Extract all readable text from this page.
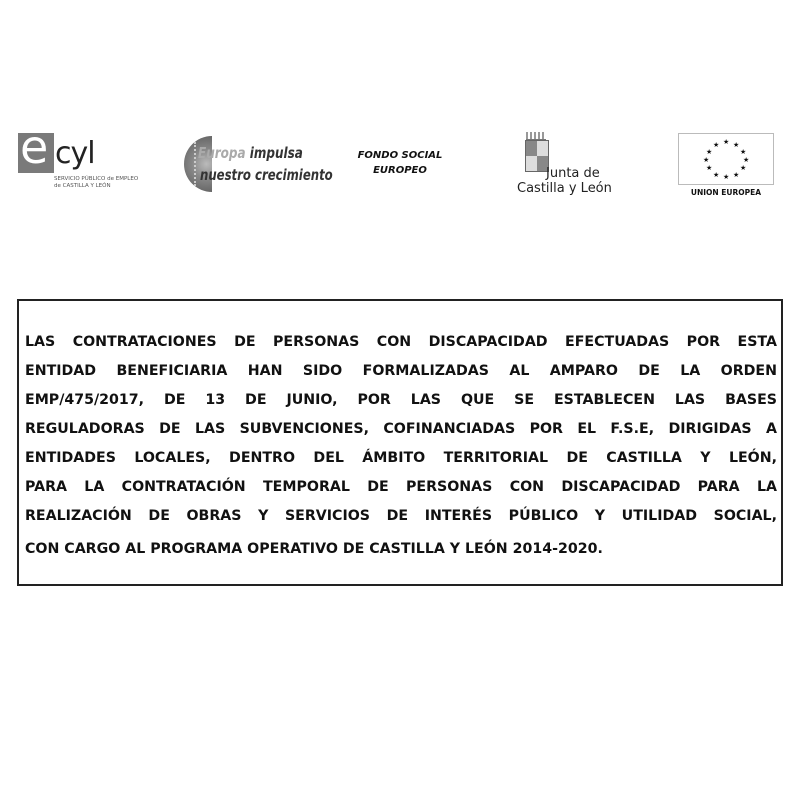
e cyl
SERVICIO PÚBLICO de EMPLEO
de CASTILLA Y LEÓN
Europa impulsa
nuestro crecimiento
FONDO SOCIAL
EUROPEO	Junta de
Castilla y León
★ ★
★
★
★
★
★
★
★
★
★
★
UNION EUROPEA
LAS CONTRATACIONES DE PERSONAS CON DISCAPACIDAD EFECTUADAS POR ESTA
ENTIDAD BENEFICIARIA HAN SIDO FORMALIZADAS AL AMPARO DE LA ORDEN
EMP/475/2017, DE 13 DE JUNIO, POR LAS QUE SE ESTABLECEN LAS BASES
REGULADORAS DE LAS SUBVENCIONES, COFINANCIADAS POR EL F.S.E, DIRIGIDAS A
ENTIDADES LOCALES, DENTRO DEL ÁMBITO TERRITORIAL DE CASTILLA Y LEÓN,
PARA LA CONTRATACIÓN TEMPORAL DE PERSONAS CON DISCAPACIDAD PARA LA
REALIZACIÓN DE OBRAS Y SERVICIOS DE INTERÉS PÚBLICO Y UTILIDAD SOCIAL,
CON CARGO AL PROGRAMA OPERATIVO DE CASTILLA Y LEÓN 2014-2020.
